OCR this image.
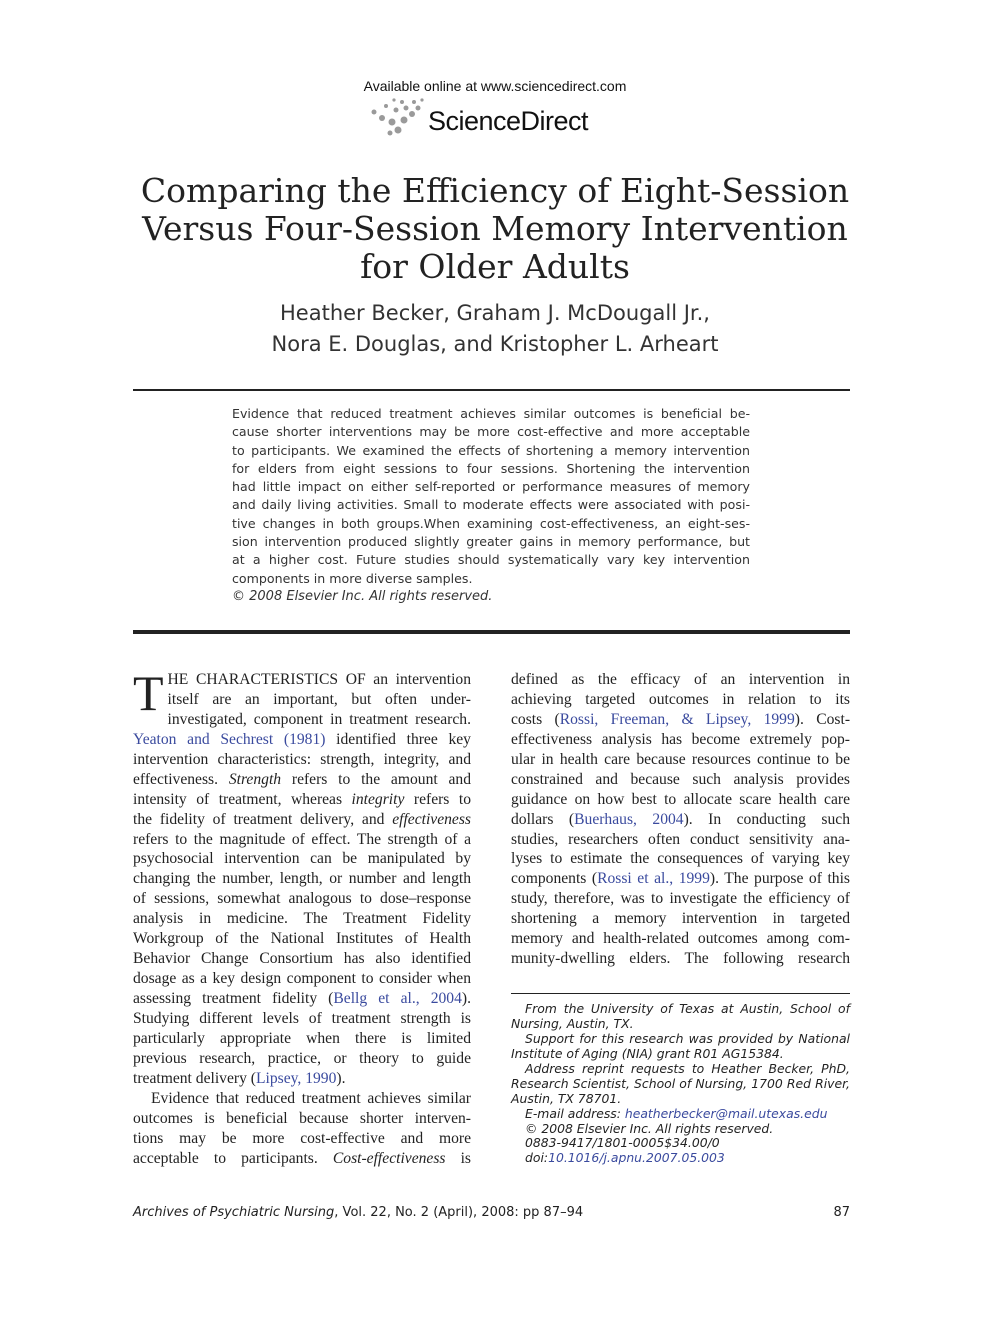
Available online at www.sciencedirect.com
ScienceDirect
Comparing the Efficiency of Eight-Session
Versus Four-Session Memory Intervention
for Older Adults
Heather Becker, Graham J. McDougall Jr.,
Nora E. Douglas, and Kristopher L. Arheart
Evidence that reduced treatment achieves similar outcomes is beneficial be-
cause shorter interventions may be more cost-effective and more acceptable
to participants. We examined the effects of shortening a memory intervention
for elders from eight sessions to four sessions. Shortening the intervention
had little impact on either self-reported or performance measures of memory
and daily living activities. Small to moderate effects were associated with posi-
tive changes in both groups.When examining cost-effectiveness, an eight-ses-
sion intervention produced slightly greater gains in memory performance, but
at a higher cost. Future studies should systematically vary key intervention
components in more diverse samples.
© 2008 Elsevier Inc. All rights reserved.
T HE CHARACTERISTICS OF an intervention
itself are an important, but often under-
investigated, component in treatment research.
Yeaton and Sechrest (1981) identified three key
intervention characteristics: strength, integrity, and
effectiveness. Strength refers to the amount and
intensity of treatment, whereas integrity refers to
the fidelity of treatment delivery, and effectiveness
refers to the magnitude of effect. The strength of a
psychosocial intervention can be manipulated by
changing the number, length, or number and length
of sessions, somewhat analogous to dose–response
analysis in medicine. The Treatment Fidelity
Workgroup of the National Institutes of Health
Behavior Change Consortium has also identified
dosage as a key design component to consider when
assessing treatment fidelity (Bellg et al., 2004).
Studying different levels of treatment strength is
particularly appropriate when there is limited
previous research, practice, or theory to guide
treatment delivery (Lipsey, 1990).
Evidence that reduced treatment achieves similar
outcomes is beneficial because shorter interven-
tions may be more cost-effective and more
acceptable to participants. Cost-effectiveness is
defined as the efficacy of an intervention in
achieving targeted outcomes in relation to its
costs (Rossi, Freeman, & Lipsey, 1999). Cost-
effectiveness analysis has become extremely pop-
ular in health care because resources continue to be
constrained and because such analysis provides
guidance on how best to allocate scare health care
dollars (Buerhaus, 2004). In conducting such
studies, researchers often conduct sensitivity ana-
lyses to estimate the consequences of varying key
components (Rossi et al., 1999). The purpose of this
study, therefore, was to investigate the efficiency of
shortening a memory intervention in targeted
memory and health-related outcomes among com-
munity-dwelling elders. The following research
From the University of Texas at Austin, School of
Nursing, Austin, TX.
Support for this research was provided by National
Institute of Aging (NIA) grant R01 AG15384.
Address reprint requests to Heather Becker, PhD,
Research Scientist, School of Nursing, 1700 Red River,
Austin, TX 78701.
E-mail address: heatherbecker@mail.utexas.edu
© 2008 Elsevier Inc. All rights reserved.
0883-9417/1801-0005$34.00/0
doi:10.1016/j.apnu.2007.05.003
Archives of Psychiatric Nursing, Vol. 22, No. 2 (April), 2008: pp 87–94	87
